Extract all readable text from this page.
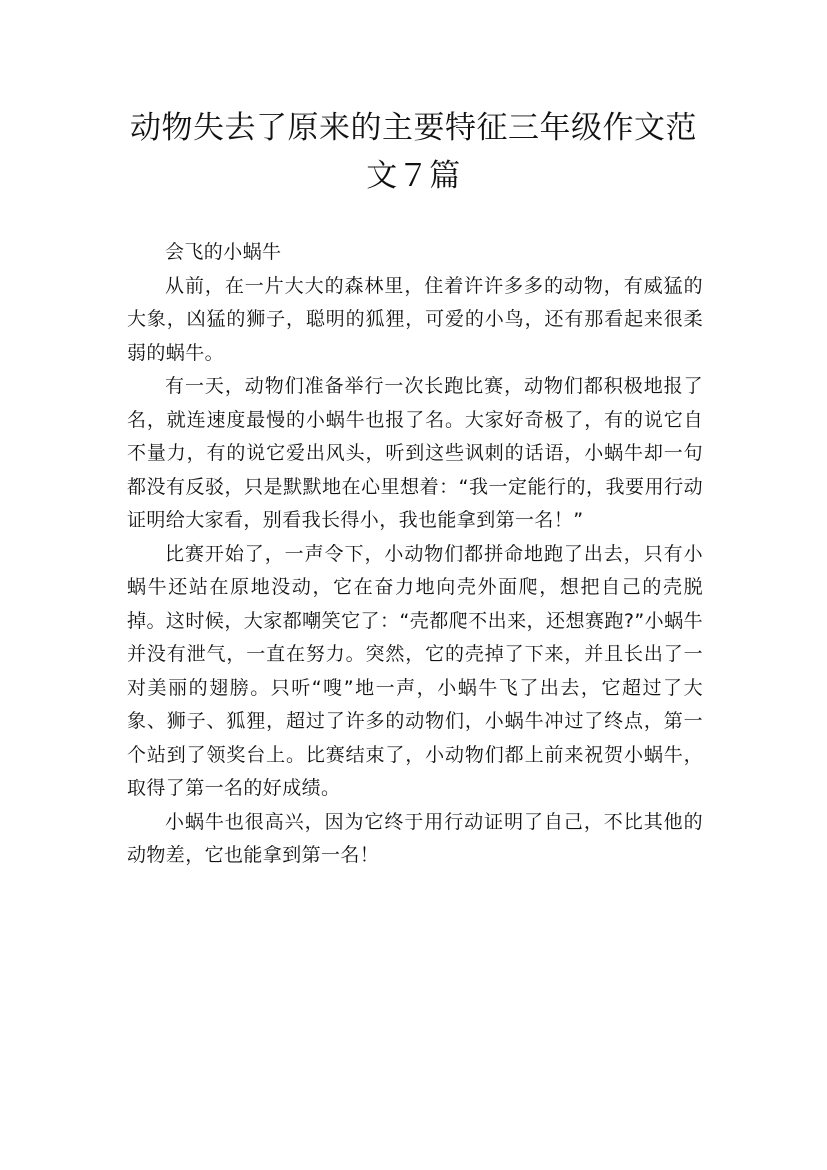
动物失去了原来的主要特征三年级作文范文７篇

会飞的小蜗牛

从前，在一片大大的森林里，住着许许多多的动物，有威猛的大象，凶猛的狮子，聪明的狐狸，可爱的小鸟，还有那看起来很柔弱的蜗牛。

有一天，动物们准备举行一次长跑比赛，动物们都积极地报了名，就连速度最慢的小蜗牛也报了名。大家好奇极了，有的说它自不量力，有的说它爱出风头，听到这些讽刺的话语，小蜗牛却一句都没有反驳，只是默默地在心里想着：“我一定能行的，我要用行动证明给大家看，别看我长得小，我也能拿到第一名！”

比赛开始了，一声令下，小动物们都拼命地跑了出去，只有小蜗牛还站在原地没动，它在奋力地向壳外面爬，想把自己的壳脱掉。这时候，大家都嘲笑它了：“壳都爬不出来，还想赛跑?”小蜗牛并没有泄气，一直在努力。突然，它的壳掉了下来，并且长出了一对美丽的翅膀。只听“嗖”地一声，小蜗牛飞了出去，它超过了大象、狮子、狐狸，超过了许多的动物们，小蜗牛冲过了终点，第一个站到了领奖台上。比赛结束了，小动物们都上前来祝贺小蜗牛，取得了第一名的好成绩。

小蜗牛也很高兴，因为它终于用行动证明了自己，不比其他的动物差，它也能拿到第一名！
